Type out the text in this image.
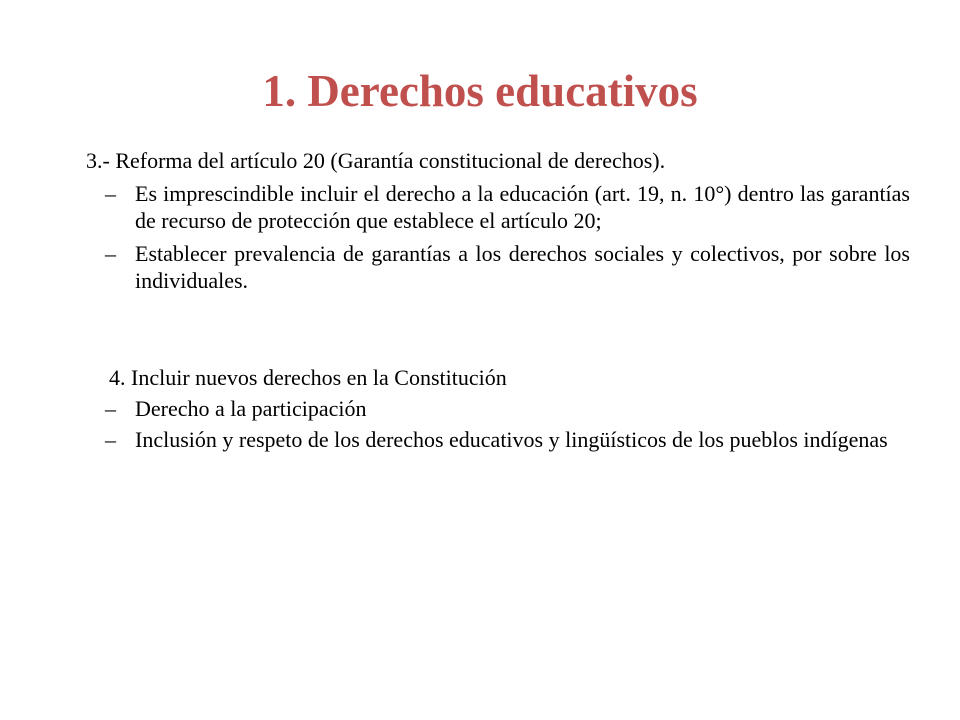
1. Derechos educativos

3.- Reforma del artículo 20 (Garantía constitucional de derechos).

– Es imprescindible incluir el derecho a la educación (art. 19, n. 10°) dentro las garantías de recurso de protección que establece el artículo 20;
– Establecer prevalencia de garantías a los derechos sociales y colectivos, por sobre los individuales.

4. Incluir nuevos derechos en la Constitución

– Derecho a la participación
– Inclusión y respeto de los derechos educativos y lingüísticos de los pueblos indígenas
